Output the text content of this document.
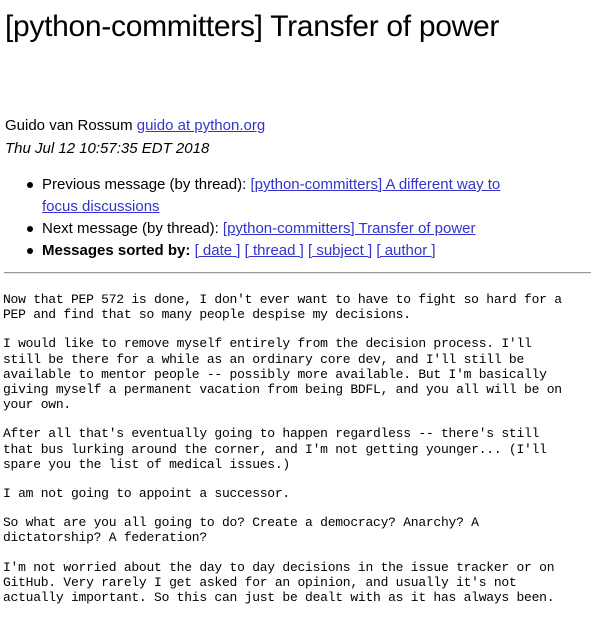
[python-committers] Transfer of power
Guido van Rossum guido at python.org
Thu Jul 12 10:57:35 EDT 2018
Previous message (by thread): [python-committers] A different way to
focus discussions
Next message (by thread): [python-committers] Transfer of power
Messages sorted by: [ date ] [ thread ] [ subject ] [ author ]
Now that PEP 572 is done, I don't ever want to have to fight so hard for a
PEP and find that so many people despise my decisions.
I would like to remove myself entirely from the decision process. I'll
still be there for a while as an ordinary core dev, and I'll still be
available to mentor people -- possibly more available. But I'm basically
giving myself a permanent vacation from being BDFL, and you all will be on
your own.
After all that's eventually going to happen regardless -- there's still
that bus lurking around the corner, and I'm not getting younger... (I'll
spare you the list of medical issues.)
I am not going to appoint a successor.
So what are you all going to do? Create a democracy? Anarchy? A
dictatorship? A federation?
I'm not worried about the day to day decisions in the issue tracker or on
GitHub. Very rarely I get asked for an opinion, and usually it's not
actually important. So this can just be dealt with as it has always been.
